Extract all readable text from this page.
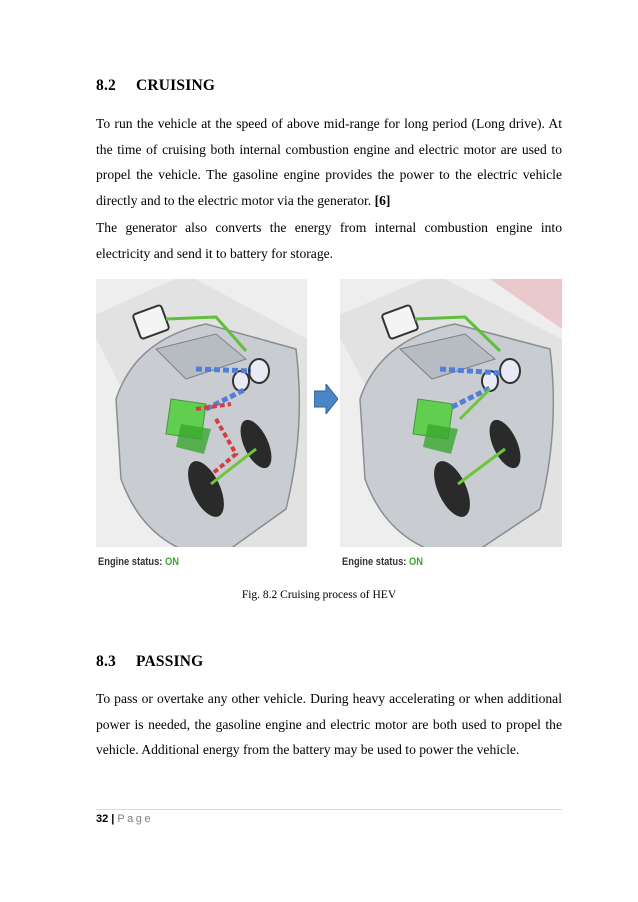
8.2 CRUISING
To run the vehicle at the speed of above mid-range for long period (Long drive). At the time of cruising both internal combustion engine and electric motor are used to propel the vehicle. The gasoline engine provides the power to the electric vehicle directly and to the electric motor via the generator. [6]
The generator also converts the energy from internal combustion engine into electricity and send it to battery for storage.
Engine status: ON	Engine status: ON
Fig. 8.2 Cruising process of HEV
8.3 PASSING
To pass or overtake any other vehicle. During heavy accelerating or when additional power is needed, the gasoline engine and electric motor are both used to propel the vehicle. Additional energy from the battery may be used to power the vehicle.
32 | Page
